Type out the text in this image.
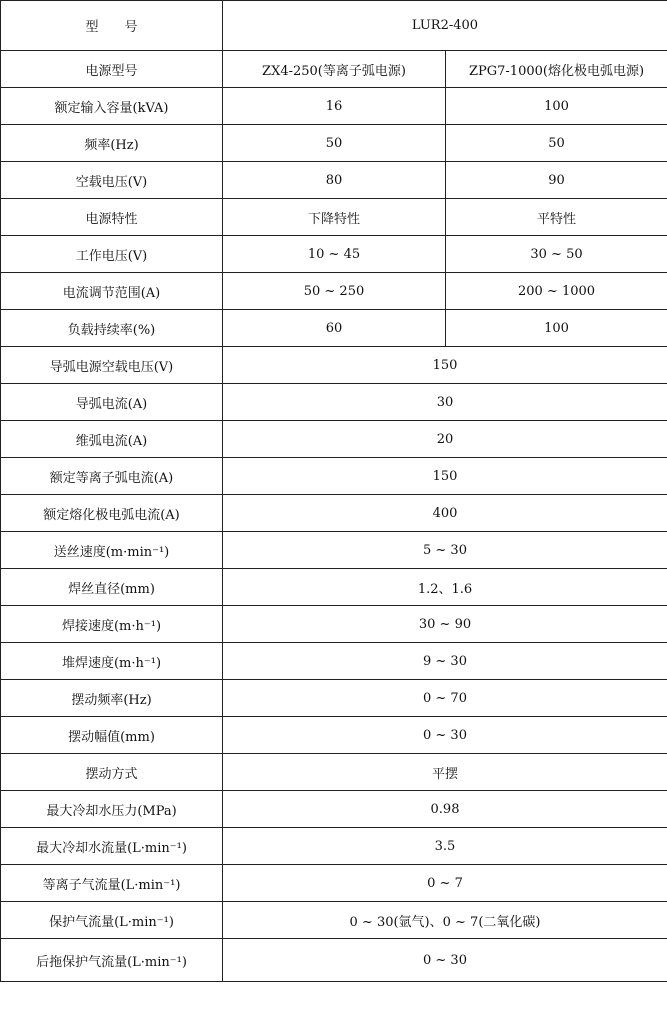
型　　号	LUR2-400	
电源型号	ZX4-250(等离子弧电源)	ZPG7-1000(熔化极电弧电源)
额定输入容量(kVA)	16	100
频率(Hz)	50	50
空载电压(V)	80	90
电源特性	下降特性	平特性
工作电压(V)	10 ~ 45	30 ~ 50
电流调节范围(A)	50 ~ 250	200 ~ 1000
负载持续率(%)	60	100
导弧电源空载电压(V)	150	
导弧电流(A)	30	
维弧电流(A)	20	
额定等离子弧电流(A)	150	
额定熔化极电弧电流(A)	400	
送丝速度(m·min⁻¹)	5 ~ 30	
焊丝直径(mm)	1.2、1.6	
焊接速度(m·h⁻¹)	30 ~ 90	
堆焊速度(m·h⁻¹)	9 ~ 30	
摆动频率(Hz)	0 ~ 70	
摆动幅值(mm)	0 ~ 30	
摆动方式	平摆	
最大冷却水压力(MPa)	0.98	
最大冷却水流量(L·min⁻¹)	3.5	
等离子气流量(L·min⁻¹)	0 ~ 7	
保护气流量(L·min⁻¹)	0 ~ 30(氩气)、0 ~ 7(二氧化碳)	
后拖保护气流量(L·min⁻¹)	0 ~ 30	
